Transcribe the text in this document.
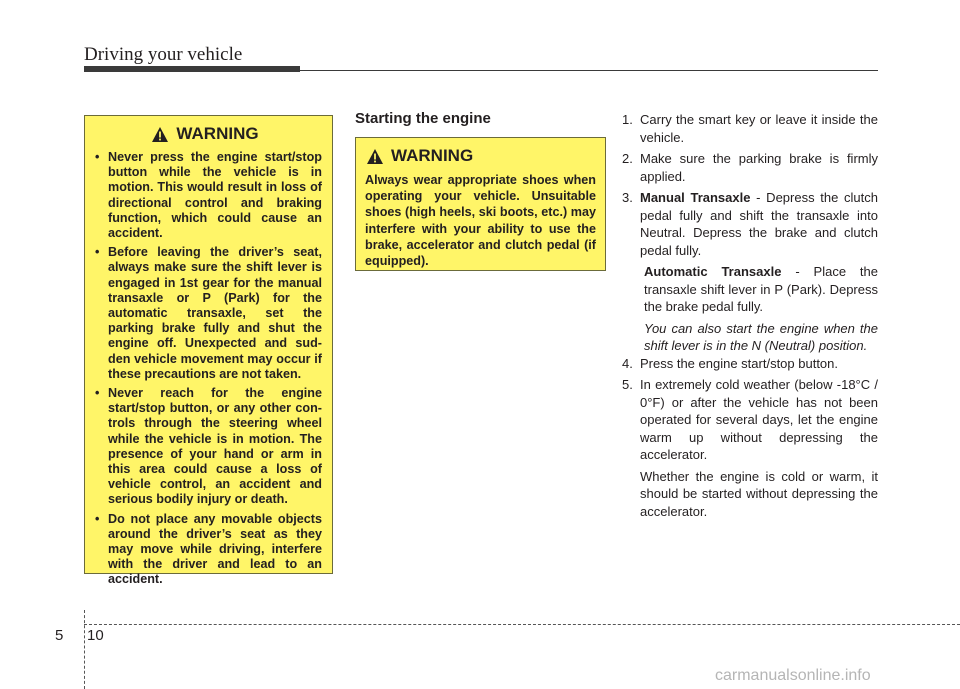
Driving your vehicle
WARNING
• Never press the engine start/stop button while the vehicle is in motion. This would result in loss of directional control and braking function, which could cause an accident.
• Before leaving the driver’s seat, always make sure the shift lever is engaged in 1st gear for the manual transaxle or P (Park) for the automatic transaxle, set the parking brake fully and shut the engine off. Unexpected and sud-den vehicle movement may occur if these precautions are not taken.
• Never reach for the engine start/stop button, or any other con-trols through the steering wheel while the vehicle is in motion. The presence of your hand or arm in this area could cause a loss of vehicle control, an accident and serious bodily injury or death.
• Do not place any movable objects around the driver’s seat as they may move while driving, interfere with the driver and lead to an accident.
Starting the engine
WARNING

Always wear appropriate shoes when operating your vehicle. Unsuitable shoes (high heels, ski boots, etc.) may interfere with your ability to use the brake, accelerator and clutch pedal (if equipped).

1. Carry the smart key or leave it inside the vehicle.
2. Make sure the parking brake is firmly applied.
3. Manual Transaxle - Depress the clutch pedal fully and shift the transaxle into Neutral. Depress the brake and clutch pedal fully.
Automatic Transaxle - Place the transaxle shift lever in P (Park). Depress the brake pedal fully.
You can also start the engine when the shift lever is in the N (Neutral) position.
4. Press the engine start/stop button.
5. In extremely cold weather (below -18°C / 0°F) or after the vehicle has not been operated for several days, let the engine warm up without depressing the accelerator.
Whether the engine is cold or warm, it should be started without depressing the accelerator.
5 10
carmanualsonline.info
